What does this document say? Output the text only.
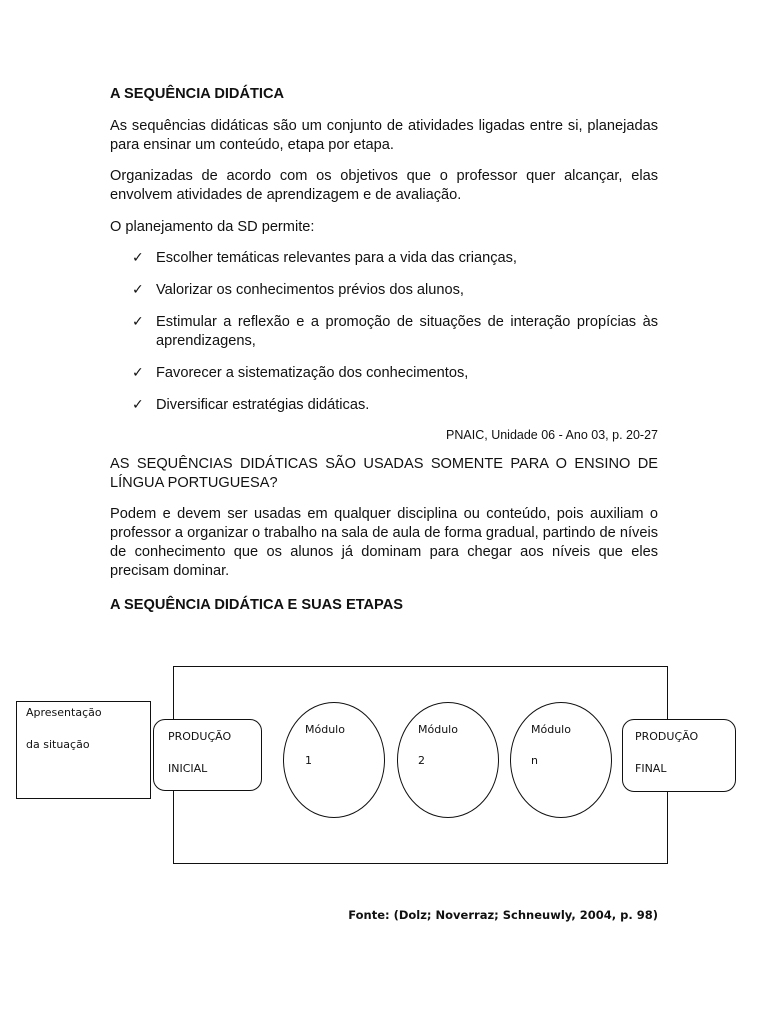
A SEQUÊNCIA DIDÁTICA

As sequências didáticas são um conjunto de atividades ligadas entre si, planejadas para ensinar um conteúdo, etapa por etapa.

Organizadas de acordo com os objetivos que o professor quer alcançar, elas envolvem atividades de aprendizagem e de avaliação.

O planejamento da SD permite:

✓ Escolher temáticas relevantes para a vida das crianças,
✓ Valorizar os conhecimentos prévios dos alunos,
✓ Estimular a reflexão e a promoção de situações de interação propícias às aprendizagens,
✓ Favorecer a sistematização dos conhecimentos,
✓ Diversificar estratégias didáticas.

PNAIC, Unidade 06 - Ano 03, p. 20-27

AS SEQUÊNCIAS DIDÁTICAS SÃO USADAS SOMENTE PARA O ENSINO DE LÍNGUA PORTUGUESA?

Podem e devem ser usadas em qualquer disciplina ou conteúdo, pois auxiliam o professor a organizar o trabalho na sala de aula de forma gradual, partindo de níveis de conhecimento que os alunos já dominam para chegar aos níveis que eles precisam dominar.

A SEQUÊNCIA DIDÁTICA E SUAS ETAPAS
Apresentação
da situação
PRODUÇÃO
INICIAL
Módulo
1
Módulo
2
Módulo
n
PRODUÇÃO
FINAL

Fonte: (Dolz; Noverraz; Schneuwly, 2004, p. 98)
